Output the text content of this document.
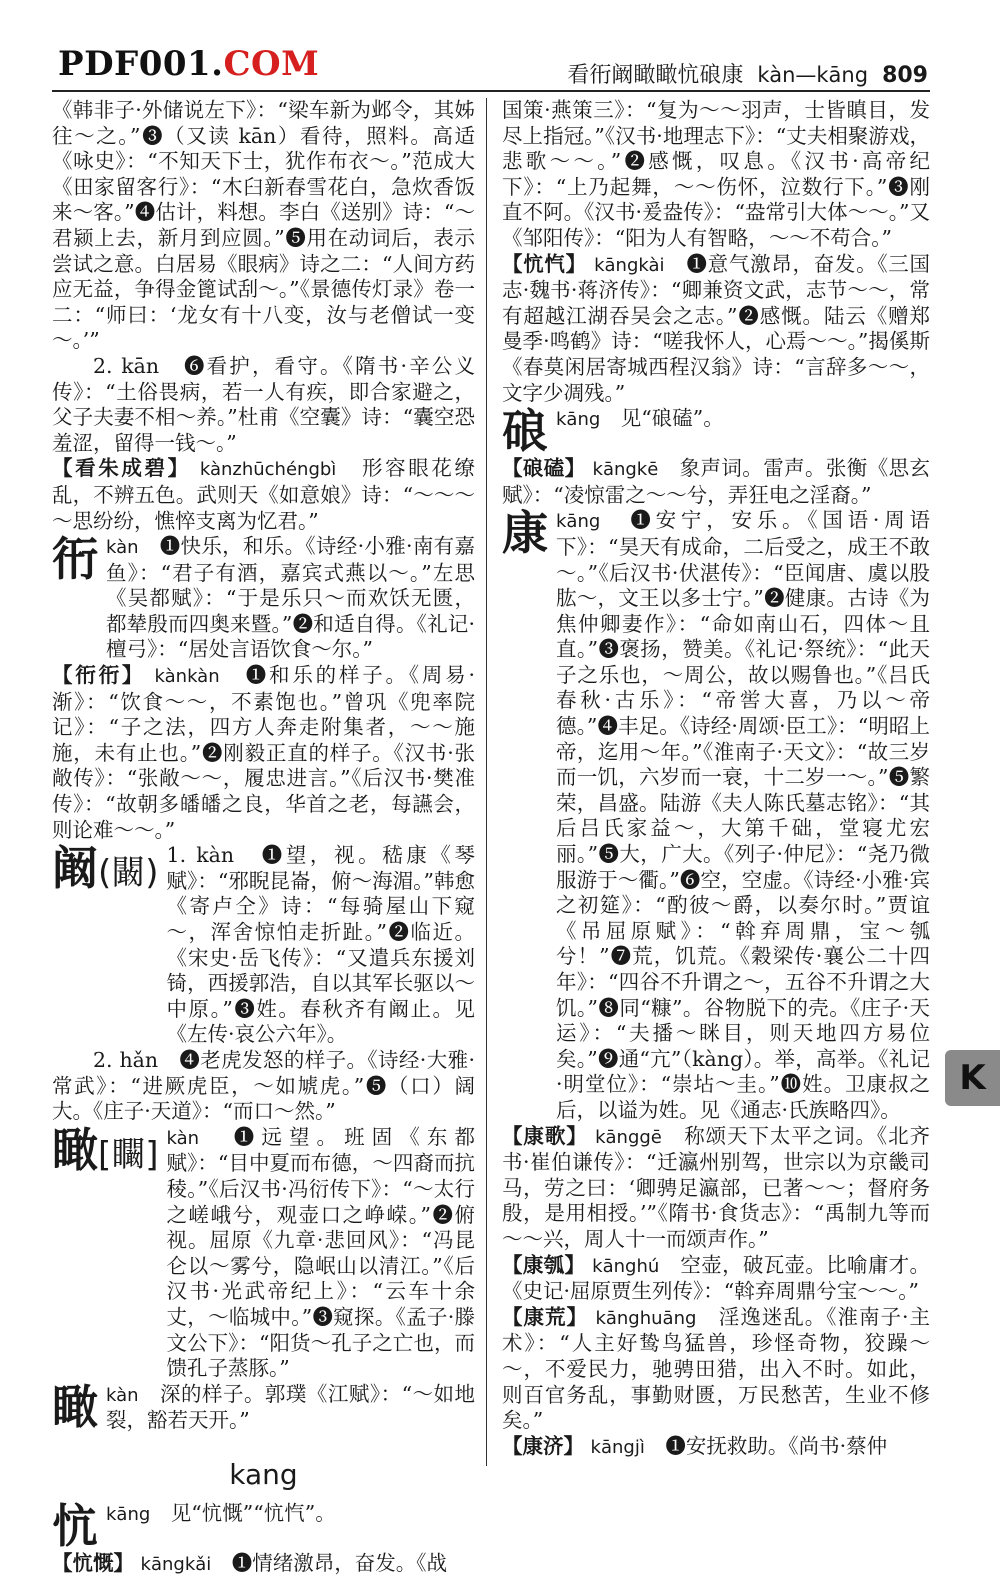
PDF001.COM	看衎阚瞰瞰忼硠康 kàn—kāng 809

《韩非子·外储说左下》：“梁车新为邺令，其姊往～之。”❸（又读 kān）看待，照料。高适《咏史》：“不知天下士，犹作布衣～。”范成大《田家留客行》：“木臼新春雪花白，急炊香饭来～客。”❹估计，料想。李白《送别》诗：“～君颍上去，新月到应圆。”❺用在动词后，表示尝试之意。白居易《眼病》诗之二：“人间方药应无益，争得金篦试刮～。”《景德传灯录》卷一二：“师曰：‘龙女有十八变，汝与老僧试一变～。’”

2. kān　❻看护，看守。《隋书·辛公义传》：“土俗畏病，若一人有疾，即合家避之，父子夫妻不相～养。”杜甫《空囊》诗：“囊空恐羞涩，留得一钱～。”

【看朱成碧】 kànzhūchéngbì　 形容眼花缭乱，不辨五色。武则天《如意娘》诗：“～～～～思纷纷，憔悴支离为忆君。”

衎 kàn　 ❶快乐，和乐。《诗经·小雅·南有嘉鱼》：“君子有酒，嘉宾式燕以～。”左思《吴都赋》：“于是乐只～而欢饫无匮，都辇殷而四奥来暨。”❷和适自得。《礼记·檀弓》：“居处言语饮食～尔。”

【衎衎】 kànkàn　 ❶和乐的样子。《周易·渐》：“饮食～～，不素饱也。”曾巩《兜率院记》：“子之法，四方人奔走附集者，～～施施，未有止也。”❷刚毅正直的样子。《汉书·张敞传》：“张敞～～，履忠进言。”《后汉书·樊准传》：“故朝多皤皤之良，华首之老，每讌会，则论难～～。”

阚(闞) 1. kàn　❶望，视。嵇康《琴赋》：“邪睨昆崙，俯～海湄。”韩愈《寄卢仝》诗：“每骑屋山下窥～，浑舍惊怕走折趾。”❷临近。《宋史·岳飞传》：“又遣兵东援刘锜，西援郭浩，自以其军长驱以～中原。”❸姓。春秋齐有阚止。见《左传·哀公六年》。

2. hǎn　❹老虎发怒的样子。《诗经·大雅·常武》：“进厥虎臣，～如虓虎。”❺（口）阔大。《庄子·天道》：“而口～然。”

瞰[矙] kàn　 ❶远望。班固《东都赋》：“目中夏而布德，～四裔而抗稜。”《后汉书·冯衍传下》：“～太行之嵯峨兮，观壶口之峥嵘。”❷俯视。屈原《九章·悲回风》：“冯昆仑以～雾兮，隐岷山以清江。”《后汉书·光武帝纪上》：“云车十余丈，～临城中。”❸窥探。《孟子·滕文公下》：“阳货～孔子之亡也，而馈孔子蒸豚。”
瞰 kàn　 深的样子。郭璞《江赋》：“～如地裂，豁若天开。”
kang
忼 kāng　 见“忼慨”“忼忾”。

【忼慨】 kāngkǎi　 ❶情绪激昂，奋发。《战

国策·燕策三》：“复为～～羽声，士皆瞋目，发尽上指冠。”《汉书·地理志下》：“丈夫相聚游戏，悲歌～～。”❷感慨，叹息。《汉书·高帝纪下》：“上乃起舞，～～伤怀，泣数行下。”❸刚直不阿。《汉书·爰盎传》：“盎常引大体～～。”又《邹阳传》：“阳为人有智略，～～不苟合。”

【忼忾】 kāngkài　 ❶意气激昂，奋发。《三国志·魏书·蒋济传》：“卿兼资文武，志节～～，常有超越江湖吞吴会之志。”❷感慨。陆云《赠郑曼季·鸣鹤》诗：“嗟我怀人，心焉～～。”揭傒斯《春莫闲居寄城西程汉翁》诗：“言辞多～～，文字少凋残。”

硠 kāng　 见“硠磕”。

【硠磕】 kāngkē　 象声词。雷声。张衡《思玄赋》：“凌惊雷之～～兮，弄狂电之淫裔。”

康 kāng　 ❶安宁，安乐。《国语·周语下》：“昊天有成命，二后受之，成王不敢～。”《后汉书·伏湛传》：“臣闻唐、虞以股肱～，文王以多士宁。”❷健康。古诗《为焦仲卿妻作》：“命如南山石，四体～且直。”❸褒扬，赞美。《礼记·祭统》：“此天子之乐也，～周公，故以赐鲁也。”《吕氏春秋·古乐》：“帝喾大喜，乃以～帝德。”❹丰足。《诗经·周颂·臣工》：“明昭上帝，迄用～年。”《淮南子·天文》：“故三岁而一饥，六岁而一衰，十二岁一～。”❺繁荣，昌盛。陆游《夫人陈氏墓志铭》：“其后吕氏家益～，大第千础，堂寝尤宏丽。”❺大，广大。《列子·仲尼》：“尧乃微服游于～衢。”❻空，空虚。《诗经·小雅·宾之初筵》：“酌彼～爵，以奏尔时。”贾谊《吊屈原赋》：“斡弃周鼎，宝～瓠兮！”❼荒，饥荒。《穀梁传·襄公二十四年》：“四谷不升谓之～，五谷不升谓之大饥。”❽同“糠”。谷物脱下的壳。《庄子·天运》：“夫播～眯目，则天地四方易位矣。”❾通“亢”（kàng）。举，高举。《礼记·明堂位》：“崇坫～圭。”❿姓。卫康叔之后，以谥为姓。见《通志·氏族略四》。

【康歌】 kānggē　 称颂天下太平之词。《北齐书·崔伯谦传》：“迁瀛州别驾，世宗以为京畿司马，劳之曰：‘卿骋足瀛部，已著～～；督府务殷，是用相授。’”《隋书·食货志》：“禹制九等而～～兴，周人十一而颂声作。”

【康瓠】 kānghú　 空壶，破瓦壶。比喻庸才。《史记·屈原贾生列传》：“斡弃周鼎兮宝～～。”

【康荒】 kānghuāng　 淫逸迷乱。《淮南子·主术》：“人主好鸷鸟猛兽，珍怪奇物，狡躁～～，不爱民力，驰骋田猎，出入不时。如此，则百官务乱，事勤财匮，万民愁苦，生业不修矣。”

【康济】 kāngjì　 ❶安抚救助。《尚书·蔡仲

K
